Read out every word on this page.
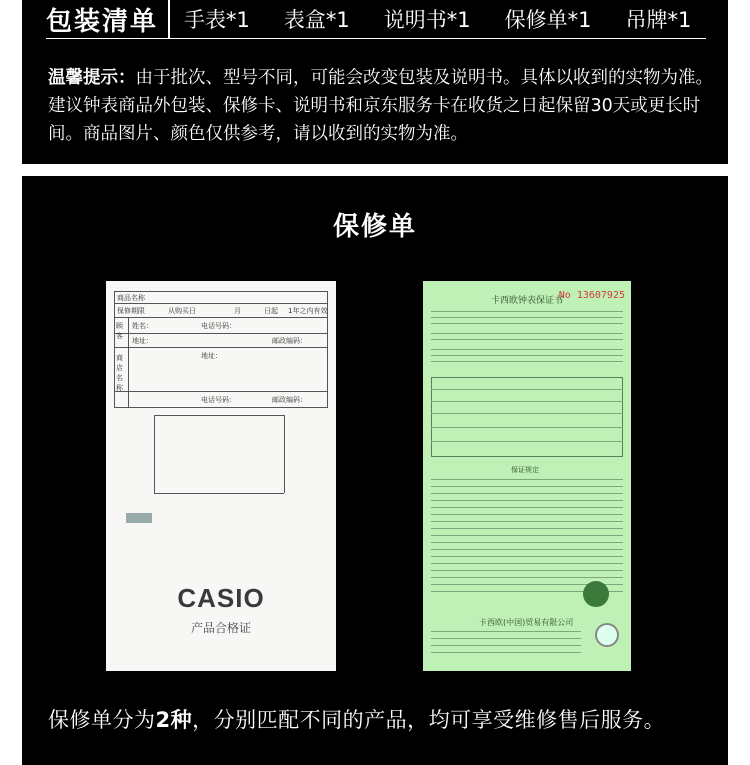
包装清单	手表*1 表盒*1 说明书*1 保修单*1 吊牌*1
温馨提示：由于批次、型号不同，可能会改变包装及说明书。具体以收到的实物为准。建议钟表商品外包装、保修卡、说明书和京东服务卡在收货之日起保留30天或更长时间。商品图片、颜色仅供参考，请以收到的实物为准。
保修单
商品名称
保修期限	从购买日	月	日起 1年之内有效
姓名：	电话号码：
地址：	邮政编码：
地址：
电话号码：	邮政编码：
顾客
商店名称
CASIO
产品合格证
卡西欧钟表保证书
No 13607925
保证规定
卡西欧(中国)贸易有限公司
保修单分为2种，分别匹配不同的产品，均可享受维修售后服务。
